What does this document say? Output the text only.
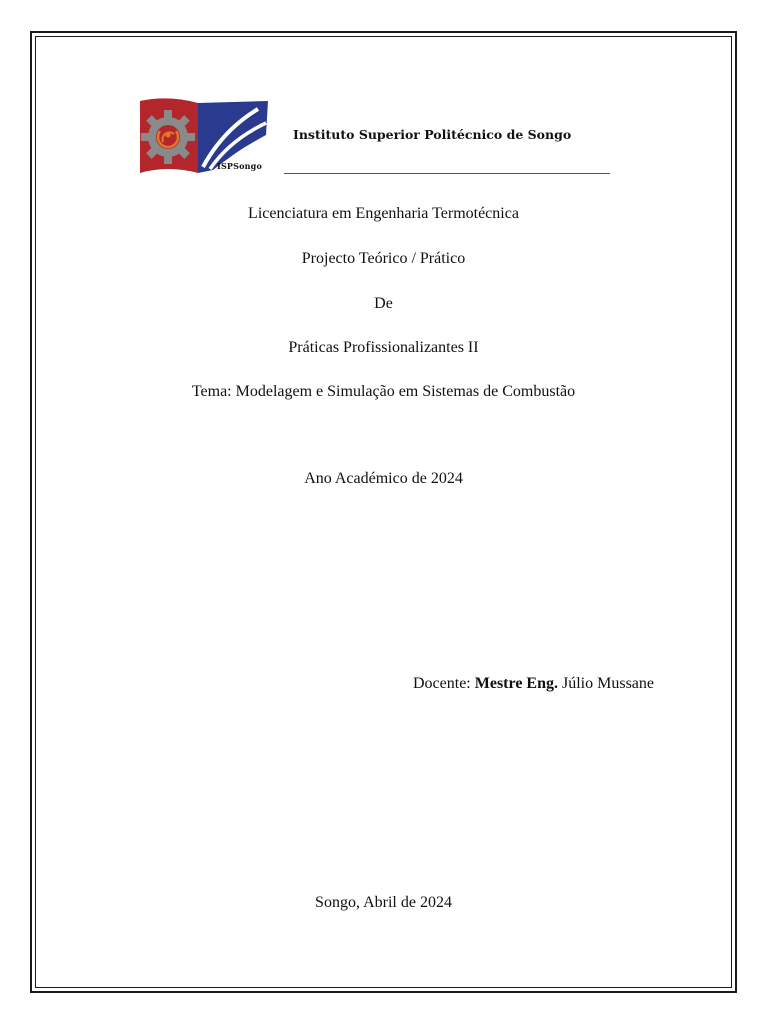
ISPSongo
Instituto Superior Politécnico de Songo
Licenciatura em Engenharia Termotécnica
Projecto Teórico / Prático
De
Práticas Profissionalizantes II
Tema: Modelagem e Simulação em Sistemas de Combustão
Ano Académico de 2024
Docente: Mestre Eng. Júlio Mussane
Songo, Abril de 2024
